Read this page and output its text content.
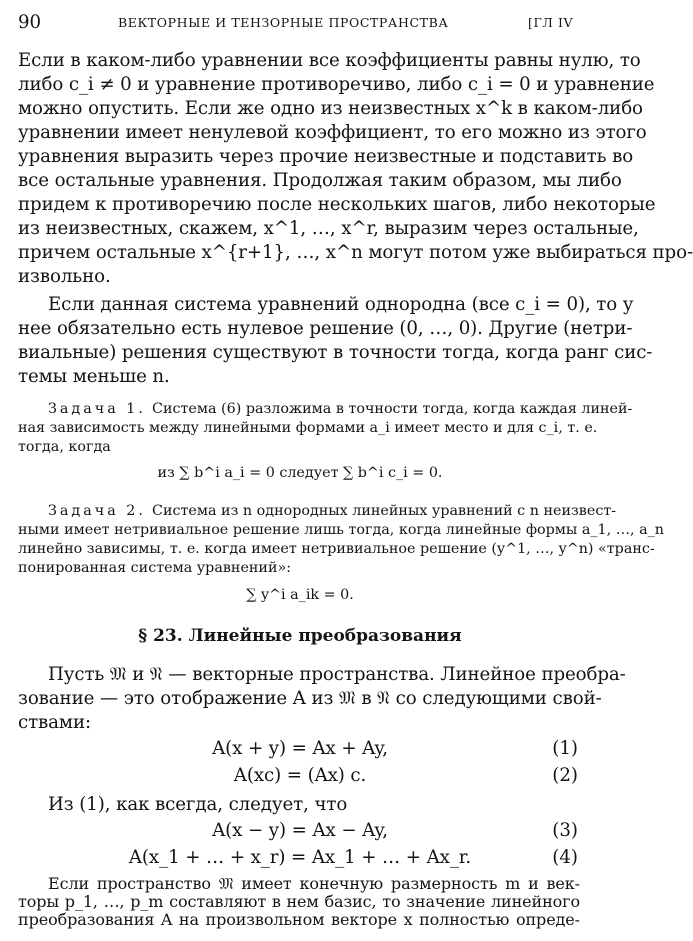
90	ВЕКТОРНЫЕ И ТЕНЗОРНЫЕ ПРОСТРАНСТВА	[ГЛ IV
Если в каком-либо уравнении все коэффициенты равны нулю, то
либо c_i ≠ 0 и уравнение противоречиво, либо c_i = 0 и уравнение
можно опустить. Если же одно из неизвестных x^k в каком-либо
уравнении имеет ненулевой коэффициент, то его можно из этого
уравнения выразить через прочие неизвестные и подставить во
все остальные уравнения. Продолжая таким образом, мы либо
придем к противоречию после нескольких шагов, либо некоторые
из неизвестных, скажем, x^1, …, x^r, выразим через остальные,
причем остальные x^{r+1}, …, x^n могут потом уже выбираться про-
извольно.
Если данная система уравнений однородна (все c_i = 0), то у
нее обязательно есть нулевое решение (0, …, 0). Другие (нетри-
виальные) решения существуют в точности тогда, когда ранг сис-
темы меньше n.
Задача 1. Система (6) разложима в точности тогда, когда каждая линей-
ная зависимость между линейными формами a_i имеет место и для c_i, т. е.
тогда, когда
из ∑ b^i a_i = 0 следует ∑ b^i c_i = 0.
Задача 2. Система из n однородных линейных уравнений с n неизвест-
ными имеет нетривиальное решение лишь тогда, когда линейные формы a_1, …, a_n
линейно зависимы, т. е. когда имеет нетривиальное решение (y^1, …, y^n) «транс-
понированная система уравнений»:
∑ y^i a_ik = 0.
§ 23. Линейные преобразования
Пусть 𝔐 и 𝔑 — векторные пространства. Линейное преобра-
зование — это отображение A из 𝔐 в 𝔑 со следующими свой-
ствами:
A(x + y) = Ax + Ay,	(1)
A(xc) = (Ax) c.	(2)
Из (1), как всегда, следует, что
A(x − y) = Ax − Ay,	(3)
A(x_1 + … + x_r) = Ax_1 + … + Ax_r.	(4)
Если пространство 𝔐 имеет конечную размерность m и век-
торы p_1, …, p_m составляют в нем базис, то значение линейного
преобразования A на произвольном векторе x полностью опреде-
